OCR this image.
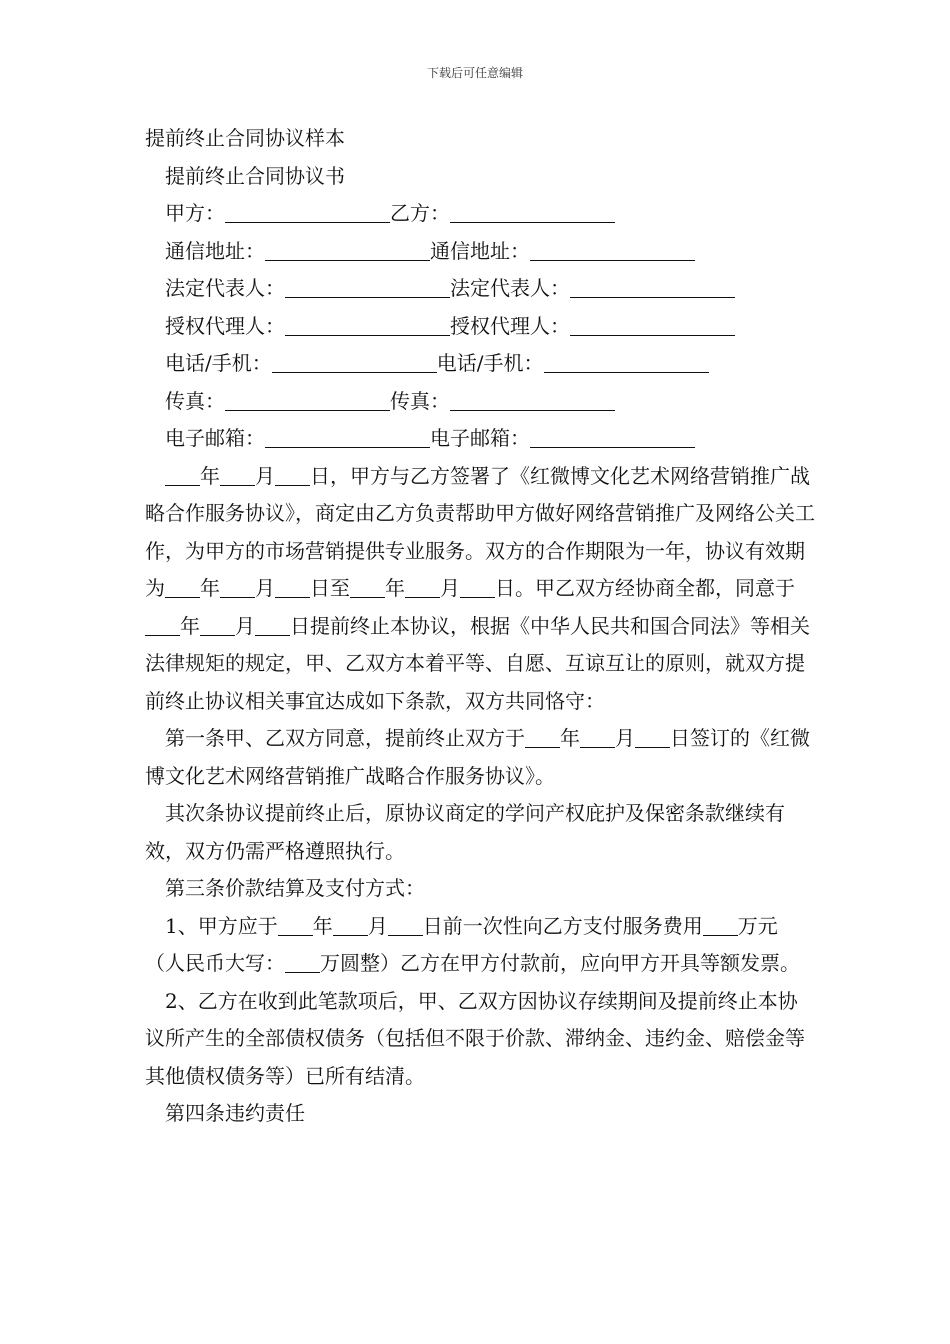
下载后可任意编辑
提前终止合同协议样本
提前终止合同协议书
甲方：	乙方：
通信地址：	通信地址：
法定代表人：	法定代表人：
授权代理人：	授权代理人：
电话/手机：	电话/手机：
传真：	传真：
电子邮箱：	电子邮箱：
年 月 日，甲方与乙方签署了《红微博文化艺术网络营销推广战略合作服务协议》，商定由乙方负责帮助甲方做好网络营销推广及网络公关工作，为甲方的市场营销提供专业服务。双方的合作期限为一年，协议有效期为 年 月 日至 年 月 日。甲乙双方经协商全都，同意于年 月 日提前终止本协议，根据《中华人民共和国合同法》等相关法律规矩的规定，甲、乙双方本着平等、自愿、互谅互让的原则，就双方提前终止协议相关事宜达成如下条款，双方共同恪守：
第一条甲、乙双方同意，提前终止双方于 年 月 日签订的《红微博文化艺术网络营销推广战略合作服务协议》。
其次条协议提前终止后，原协议商定的学问产权庇护及保密条款继续有效，双方仍需严格遵照执行。
第三条价款结算及支付方式：
1、甲方应于 年 月 日前一次性向乙方支付服务费用 万元（人民币大写： 万圆整）乙方在甲方付款前，应向甲方开具等额发票。
2、乙方在收到此笔款项后，甲、乙双方因协议存续期间及提前终止本协议所产生的全部债权债务（包括但不限于价款、滞纳金、违约金、赔偿金等其他债权债务等）已所有结清。
第四条违约责任
